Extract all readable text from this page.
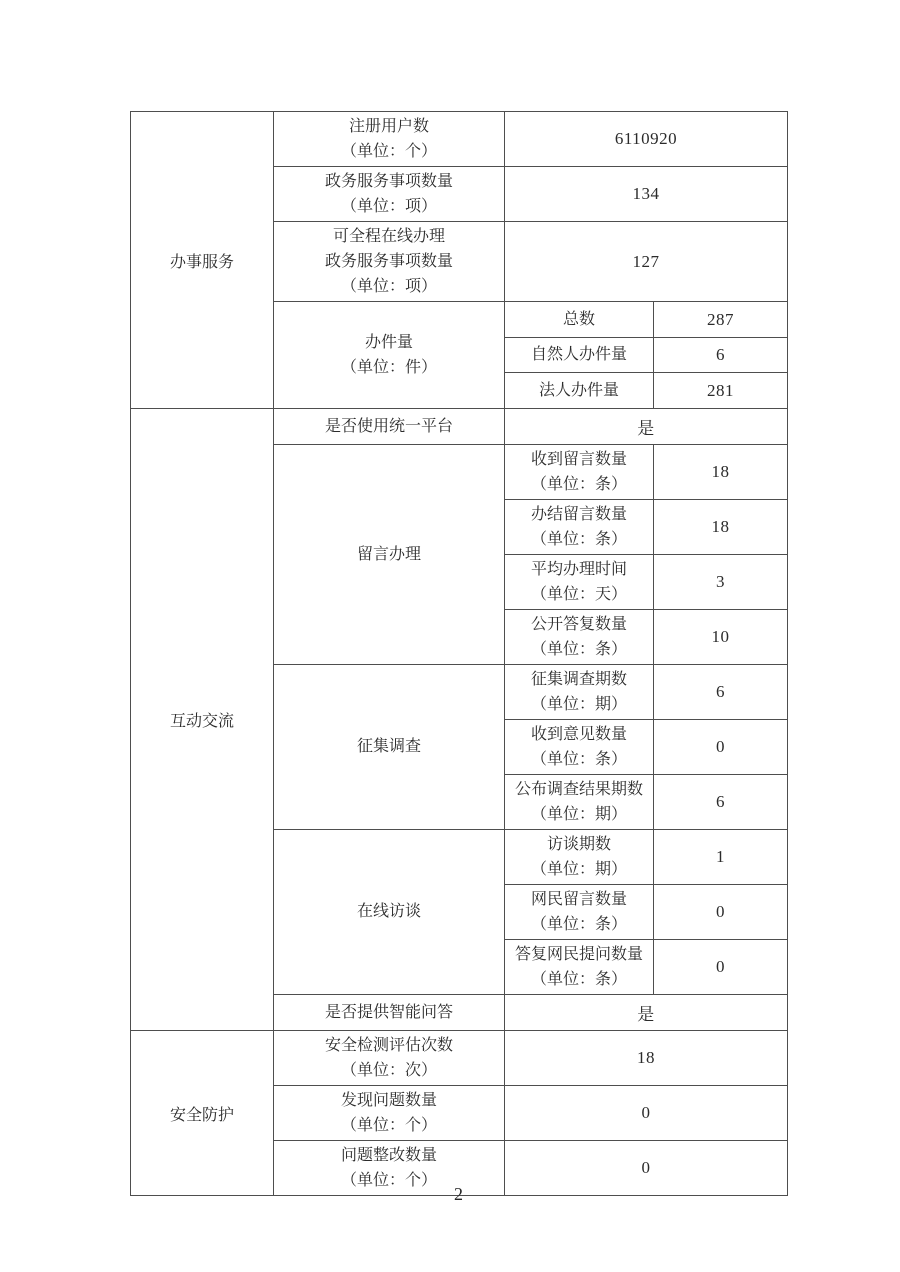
办事服务	注册用户数
（单位：个）	6110920	

	政务服务事项数量
（单位：项）	134	

	可全程在线办理
政务服务事项数量
（单位：项）	127	

	办件量
（单位：件）	总数	287
		自然人办件量	6
		法人办件量	281
互动交流	是否使用统一平台	是	
	留言办理	收到留言数量
（单位：条）	18

		办结留言数量
（单位：条）	18

		平均办理时间
（单位：天）	3

		公开答复数量
（单位：条）	10
	征集调查	征集调查期数
（单位：期）	6

		收到意见数量
（单位：条）	0

		公布调查结果期数
（单位：期）	6
	在线访谈	访谈期数
（单位：期）	1

		网民留言数量
（单位：条）	0

		答复网民提问数量
（单位：条）	0
	是否提供智能问答	是	
安全防护	安全检测评估次数
（单位：次）	18	

	发现问题数量
（单位：个）	0	

	问题整改数量
（单位：个）	0	
2
